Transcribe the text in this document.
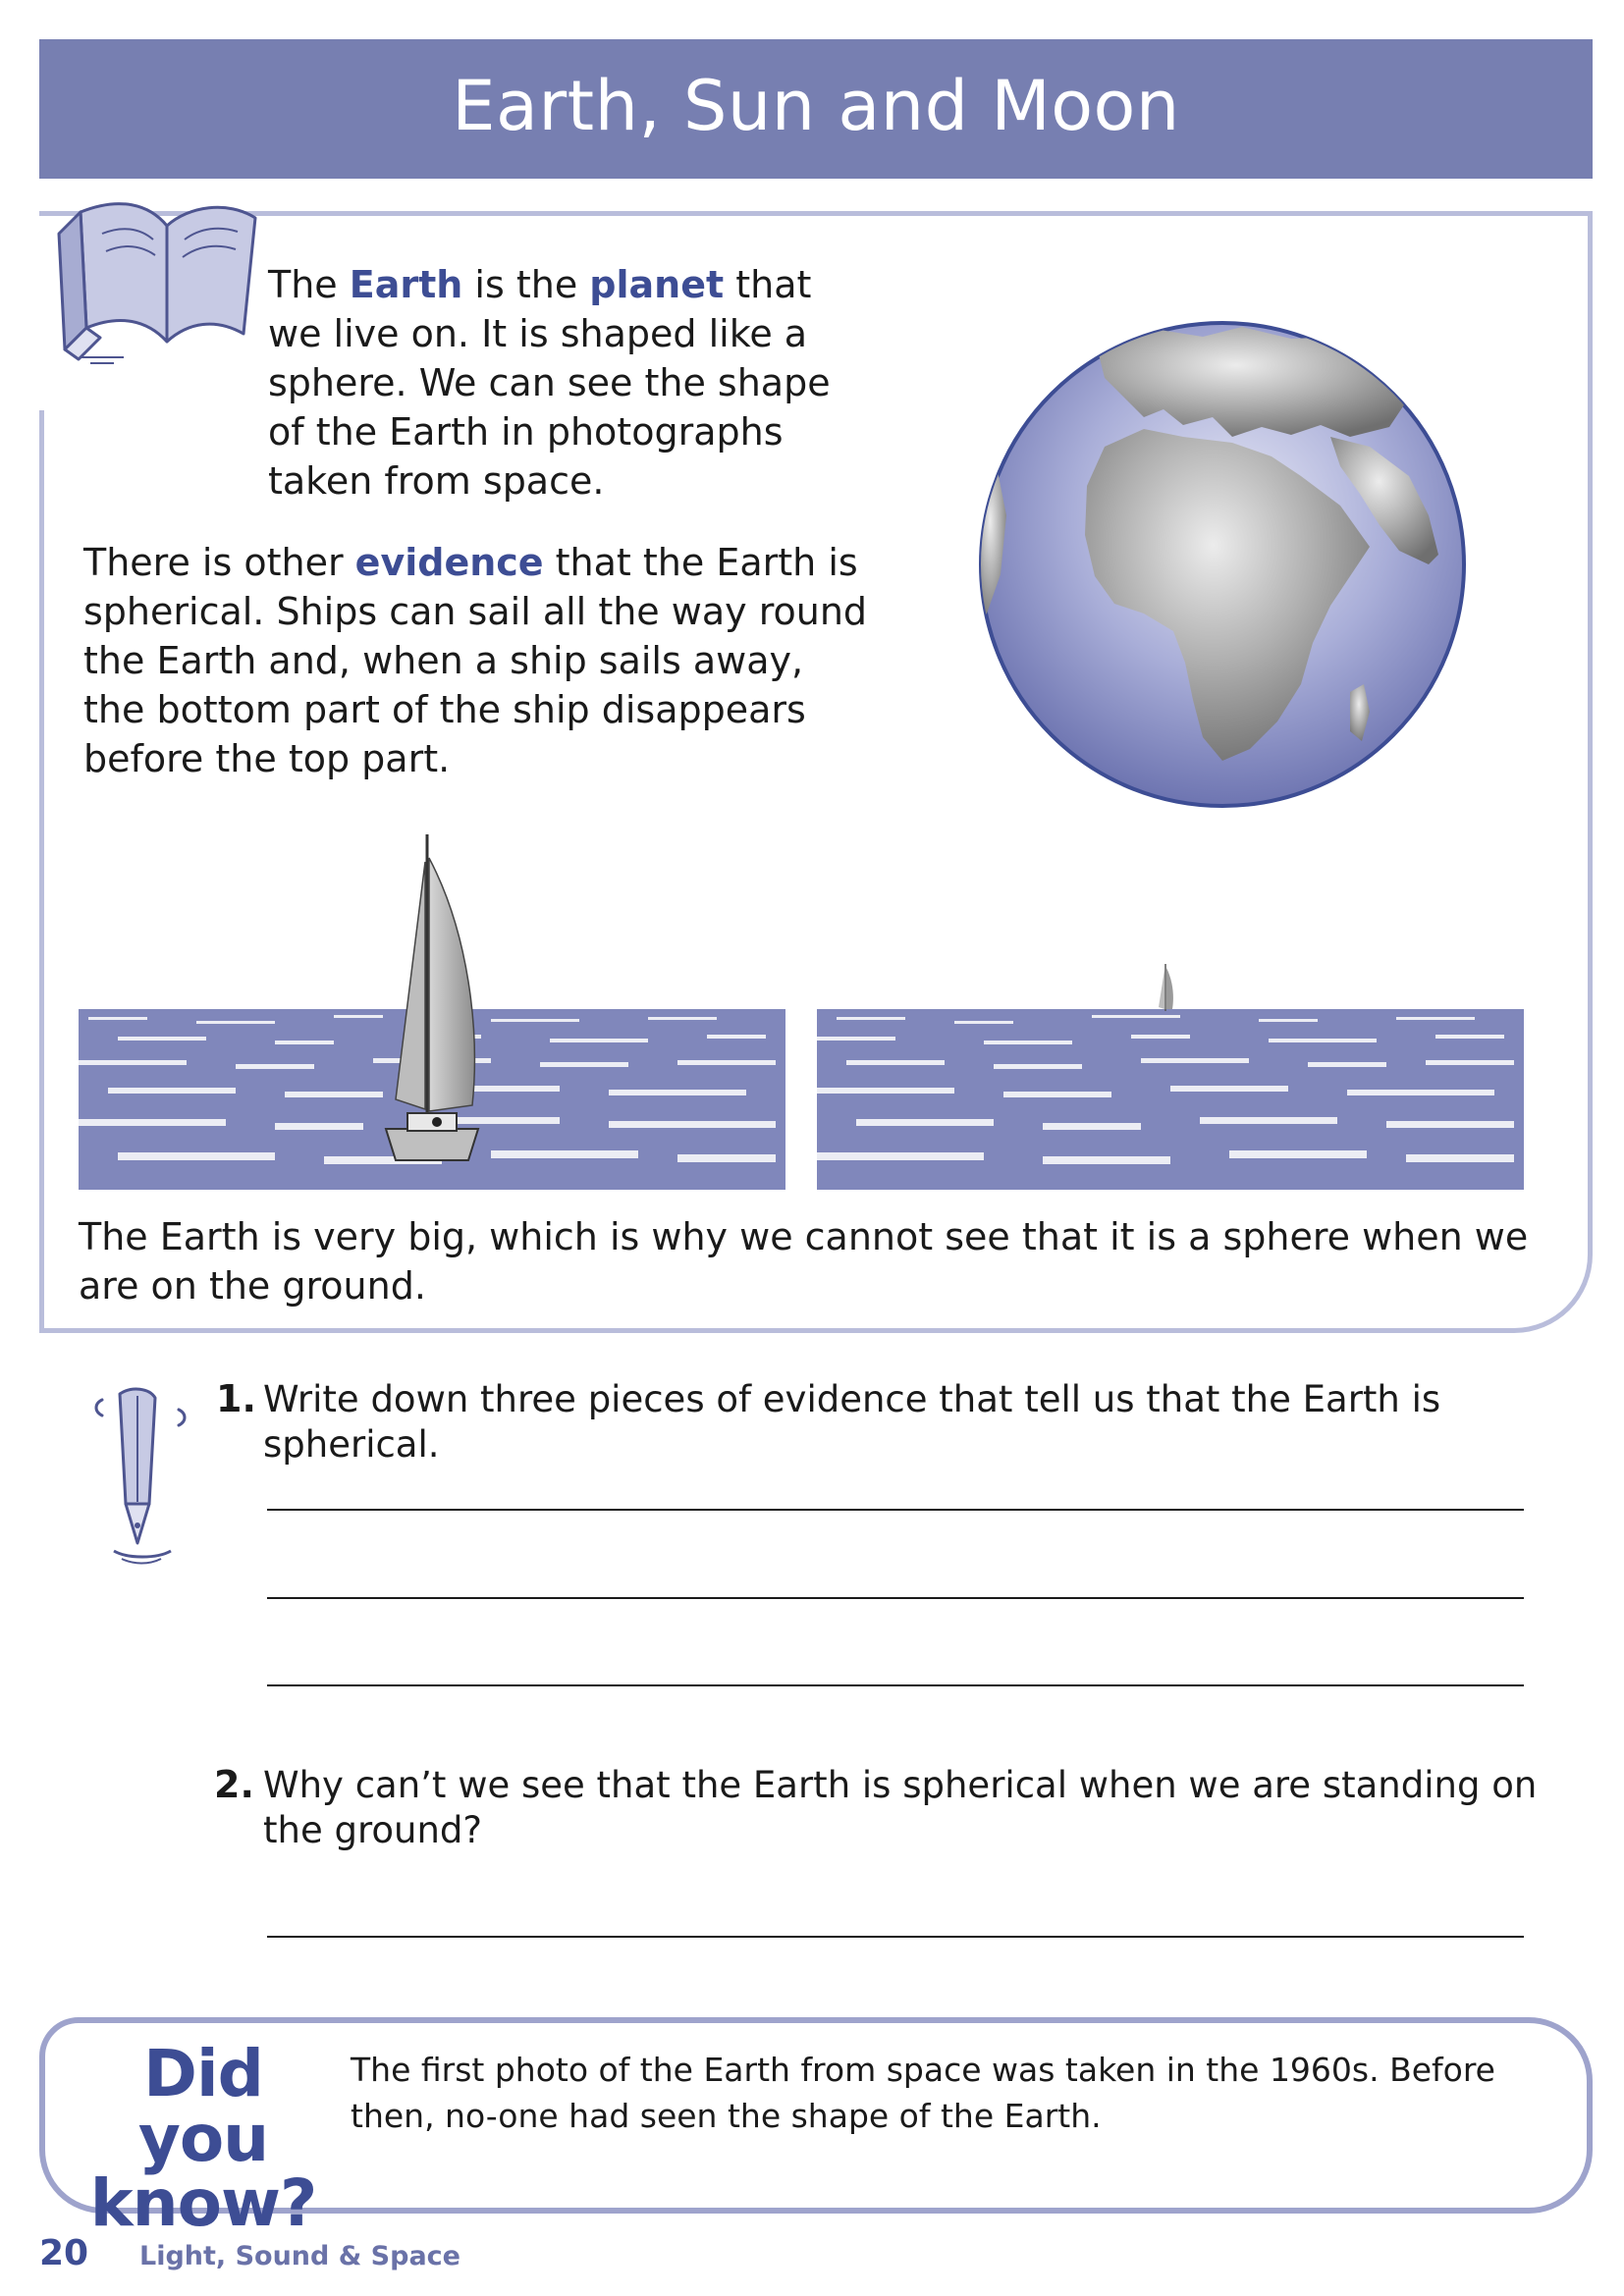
Earth, Sun and Moon
The Earth is the planet that we live on. It is shaped like a sphere. We can see the shape of the Earth in photographs taken from space.
There is other evidence that the Earth is spherical. Ships can sail all the way round the Earth and, when a ship sails away, the bottom part of the ship disappears before the top part.
The Earth is very big, which is why we cannot see that it is a sphere when we are on the ground.
1. Write down three pieces of evidence that tell us that the Earth is spherical.
2. Why can’t we see that the Earth is spherical when we are standing on the ground?
Did you
know?
The first photo of the Earth from space was taken in the 1960s. Before then, no-one had seen the shape of the Earth.
20 Light, Sound & Space
